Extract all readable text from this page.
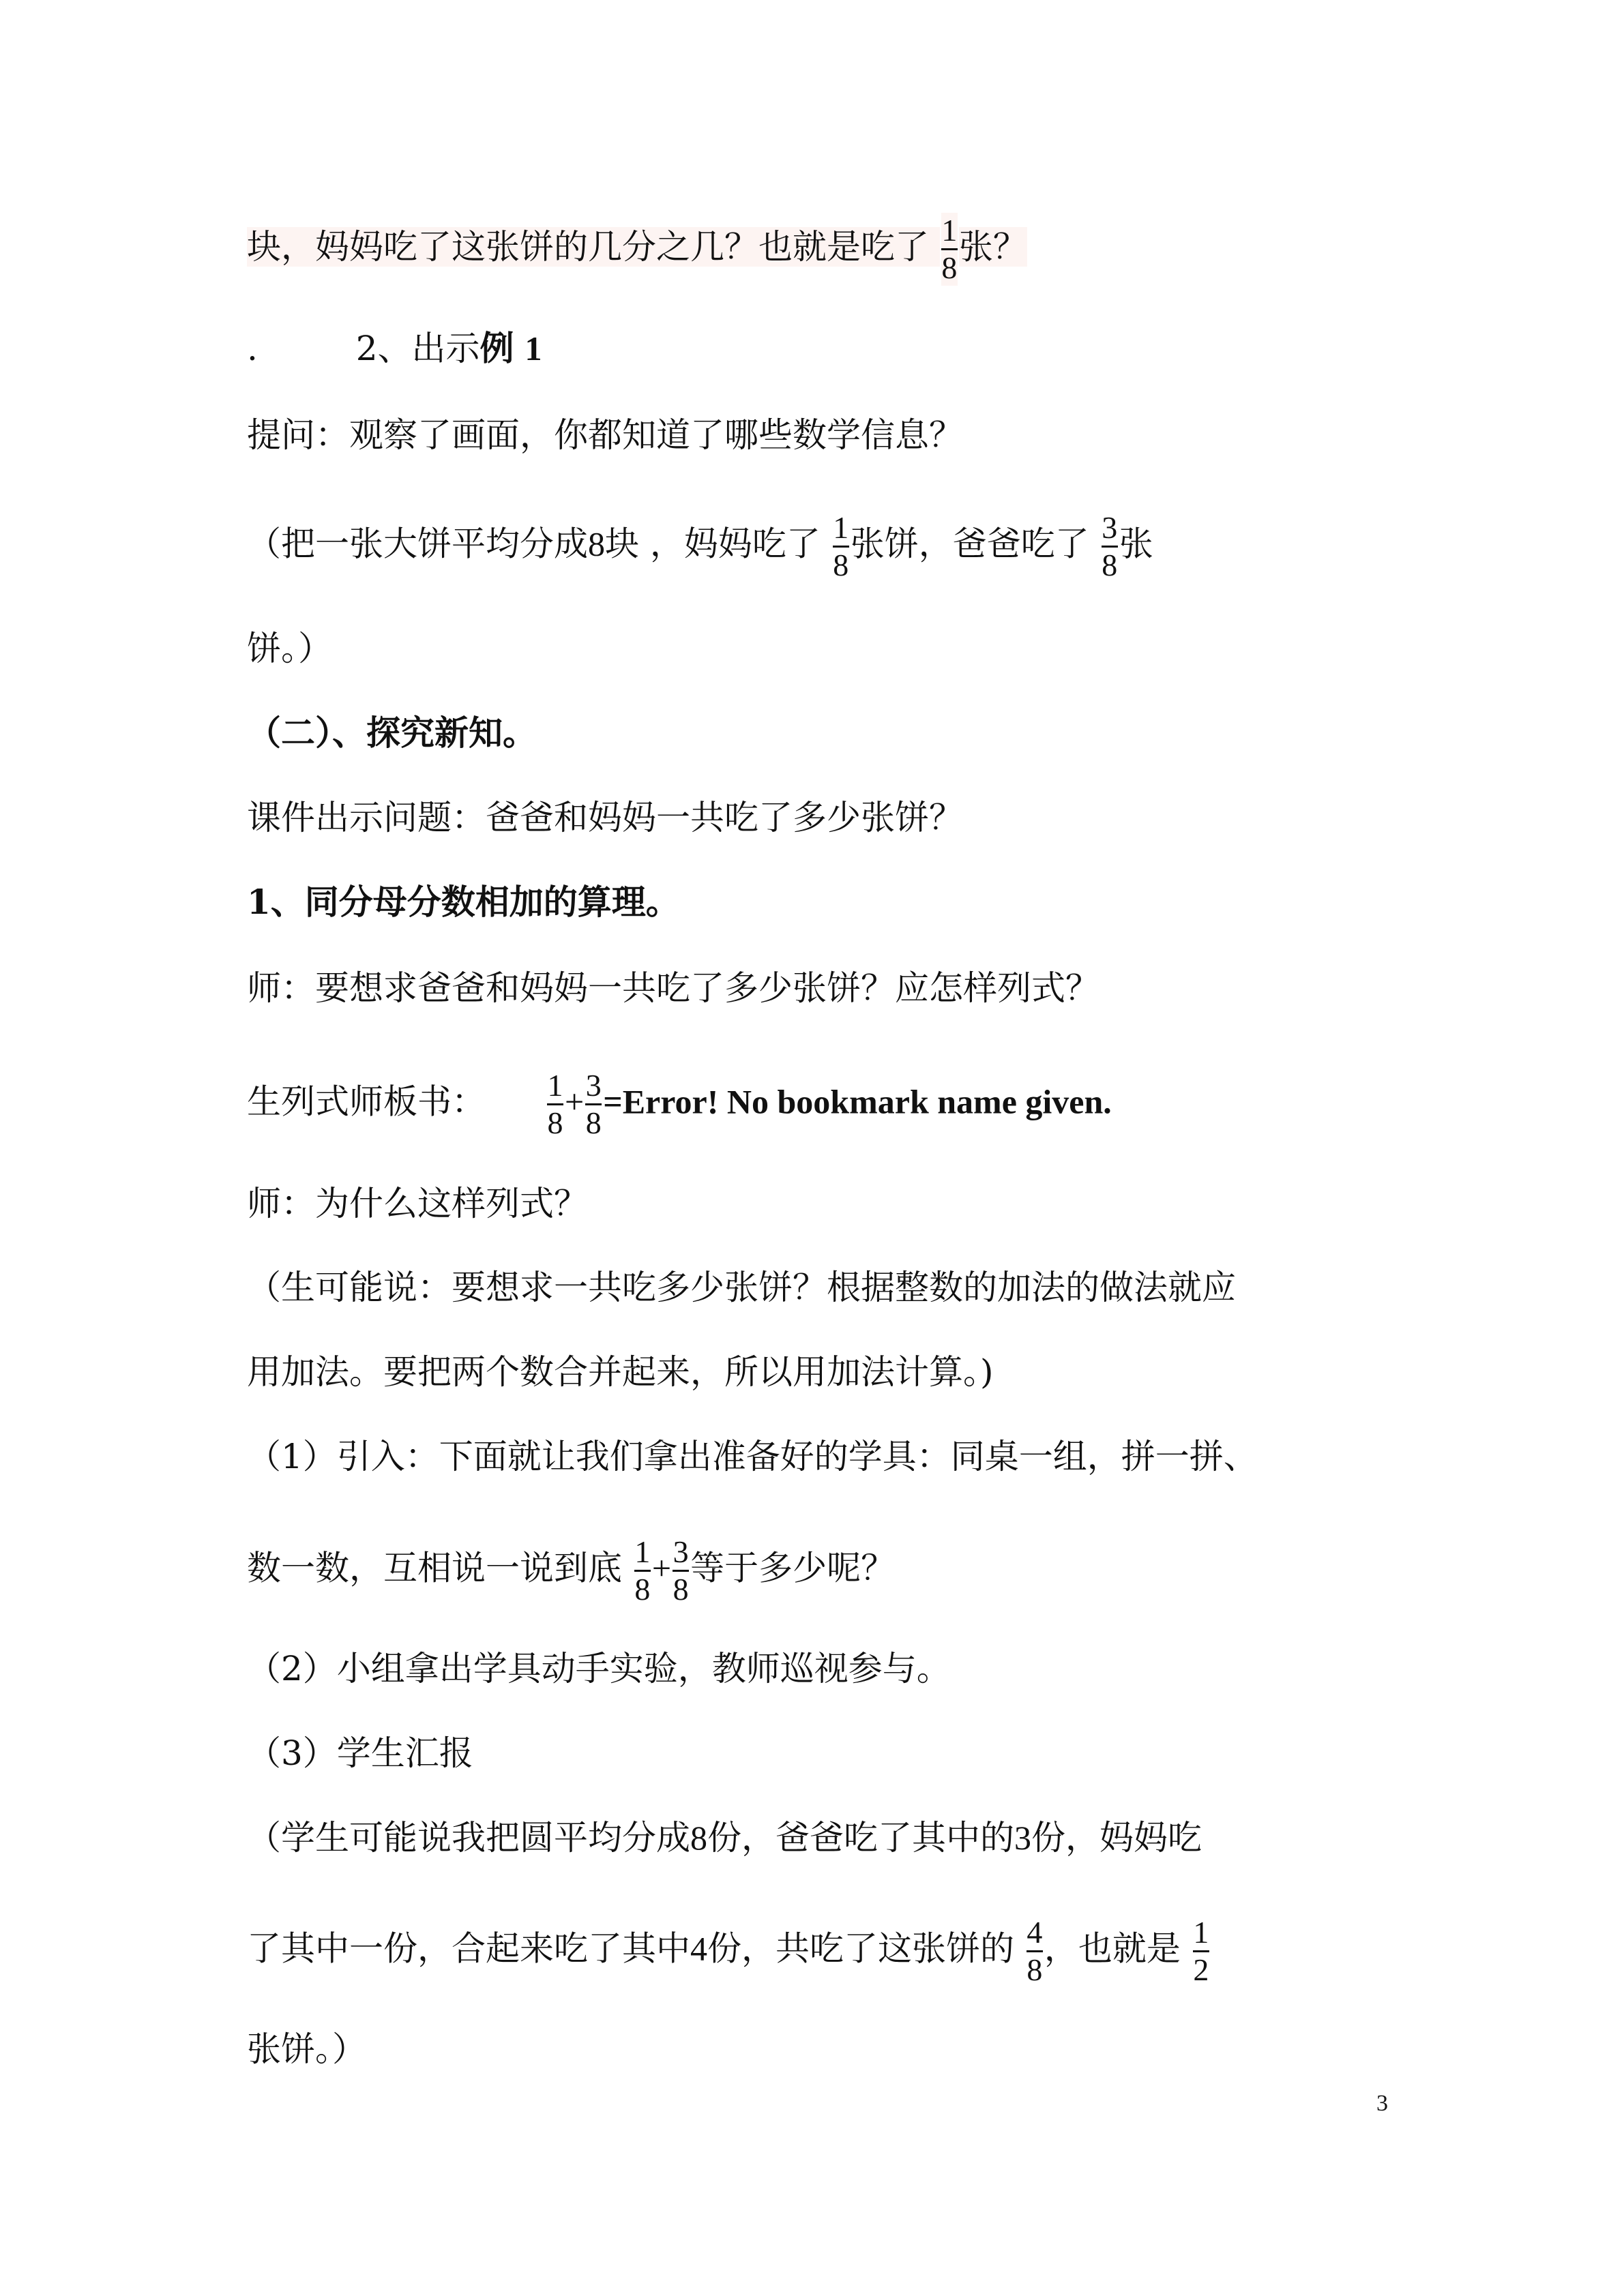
块，妈妈吃了这张饼的几分之几？也就是吃了 $\frac{1}{8}$ 张？
.	2、出示例 1
提问：观察了画面，你都知道了哪些数学信息？
（把一张大饼平均分成8块 ，妈妈吃了 $\frac{1}{8}$ 张饼，爸爸吃了 $\frac{3}{8}$ 张
饼。）
（二）、探究新知。
课件出示问题：爸爸和妈妈一共吃了多少张饼？
1、同分母分数相加的算理。
师：要想求爸爸和妈妈一共吃了多少张饼？应怎样列式？
生列式师板书： $\frac{1}{8} + \frac{3}{8}$ =Error! No bookmark name given.
师：为什么这样列式？
（生可能说：要想求一共吃多少张饼？根据整数的加法的做法就应
用加法。要把两个数合并起来，所以用加法计算。)
（1）引入：下面就让我们拿出准备好的学具：同桌一组，拼一拼、
数一数，互相说一说到底 $\frac{1}{8} + \frac{3}{8}$ 等于多少呢？
（2）小组拿出学具动手实验，教师巡视参与。
（3）学生汇报
（学生可能说我把圆平均分成8份，爸爸吃了其中的3份，妈妈吃
了其中一份，合起来吃了其中4份，共吃了这张饼的 $\frac{4}{8}$ ，也就是 $\frac{1}{2}$
张饼。）
3
